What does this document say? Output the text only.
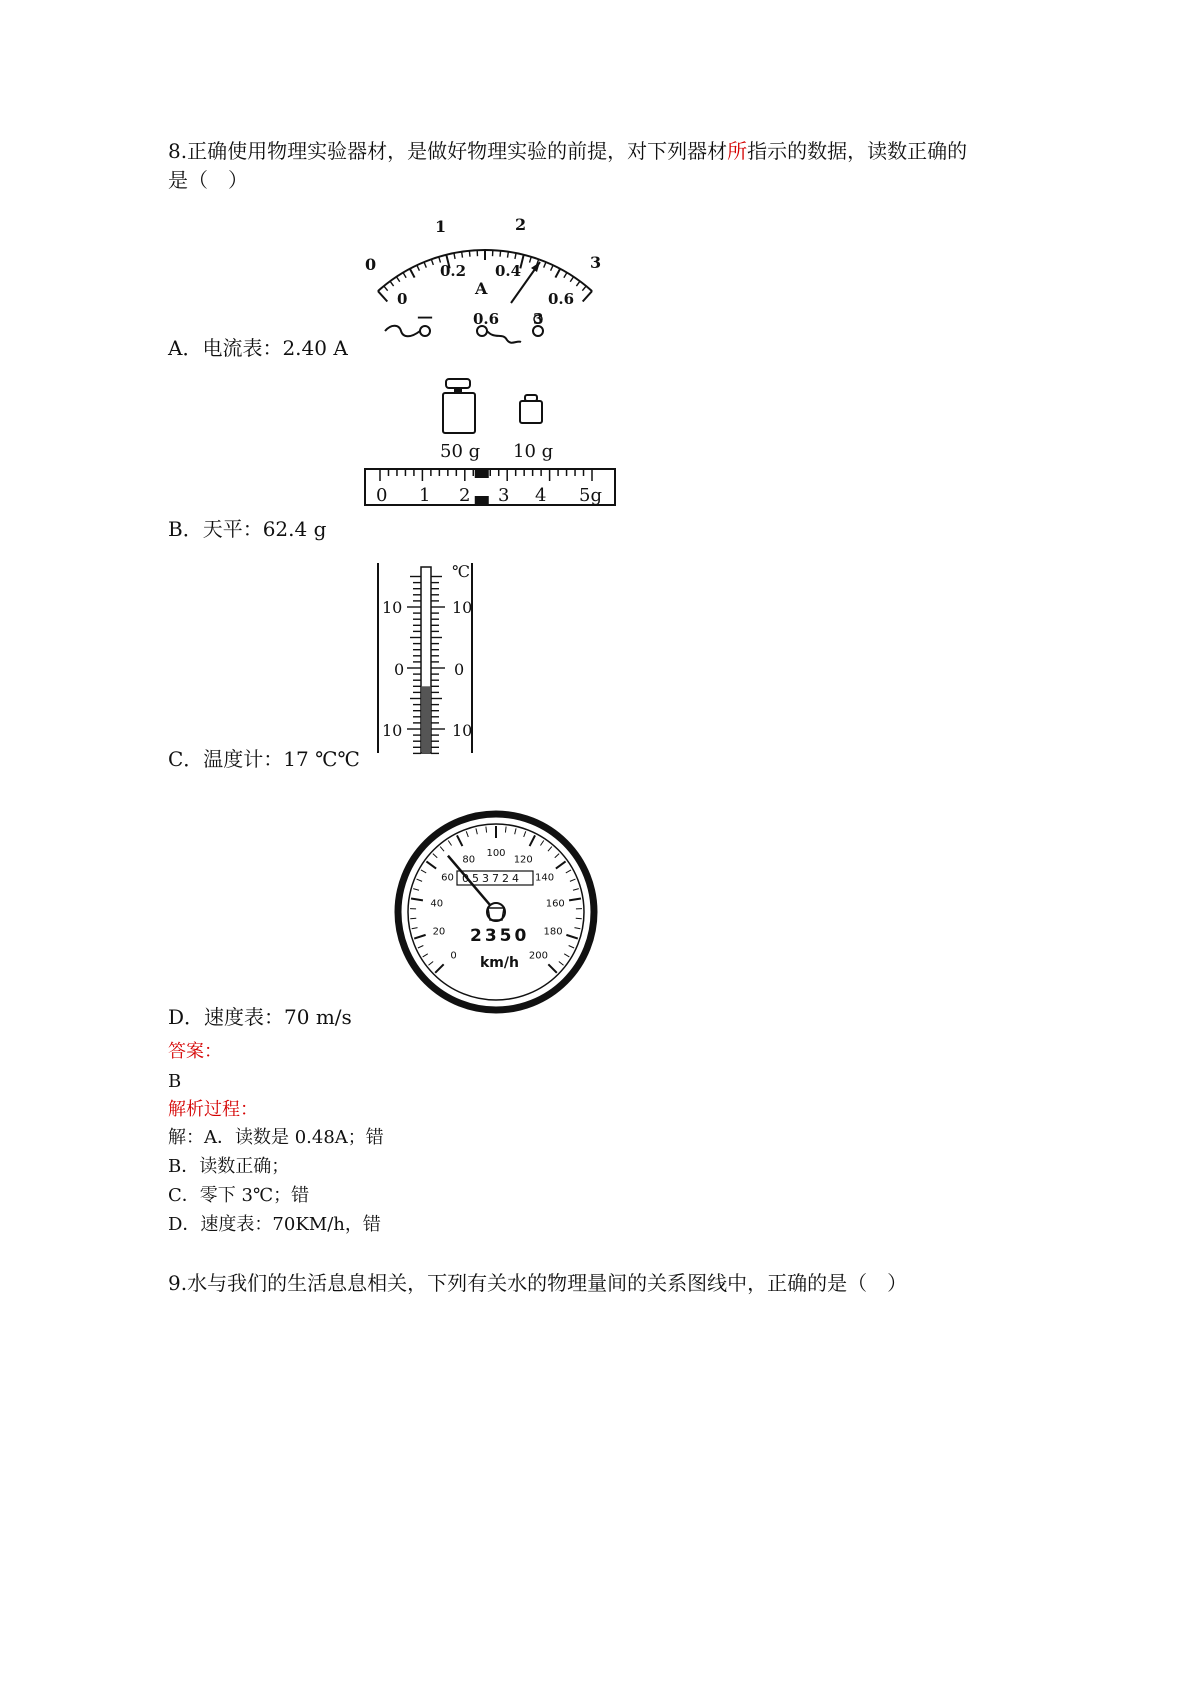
8.正确使用物理实验器材，是做好物理实验的前提，对下列器材所指示的数据，读数正确的
是（　）
0
1	2
3
0
0.2 0.4
0.6
A
—	0.6 3
A．电流表：2.40 A
50 g 10 g
0 1 2 3 4 5g
B．天平：62.4 g
℃
10
0
10
10
0
10
C．温度计：17 ℃℃
0
20
40
60
80
100
120
140
160
180
200
053724
2350
km/h
D．速度表：70 m/s
答案：
B
解析过程：
解：A．读数是 0.48A；错
B．读数正确；
C．零下 3℃；错
D．速度表：70KM/h，错
9.水与我们的生活息息相关，下列有关水的物理量间的关系图线中，正确的是（　）
